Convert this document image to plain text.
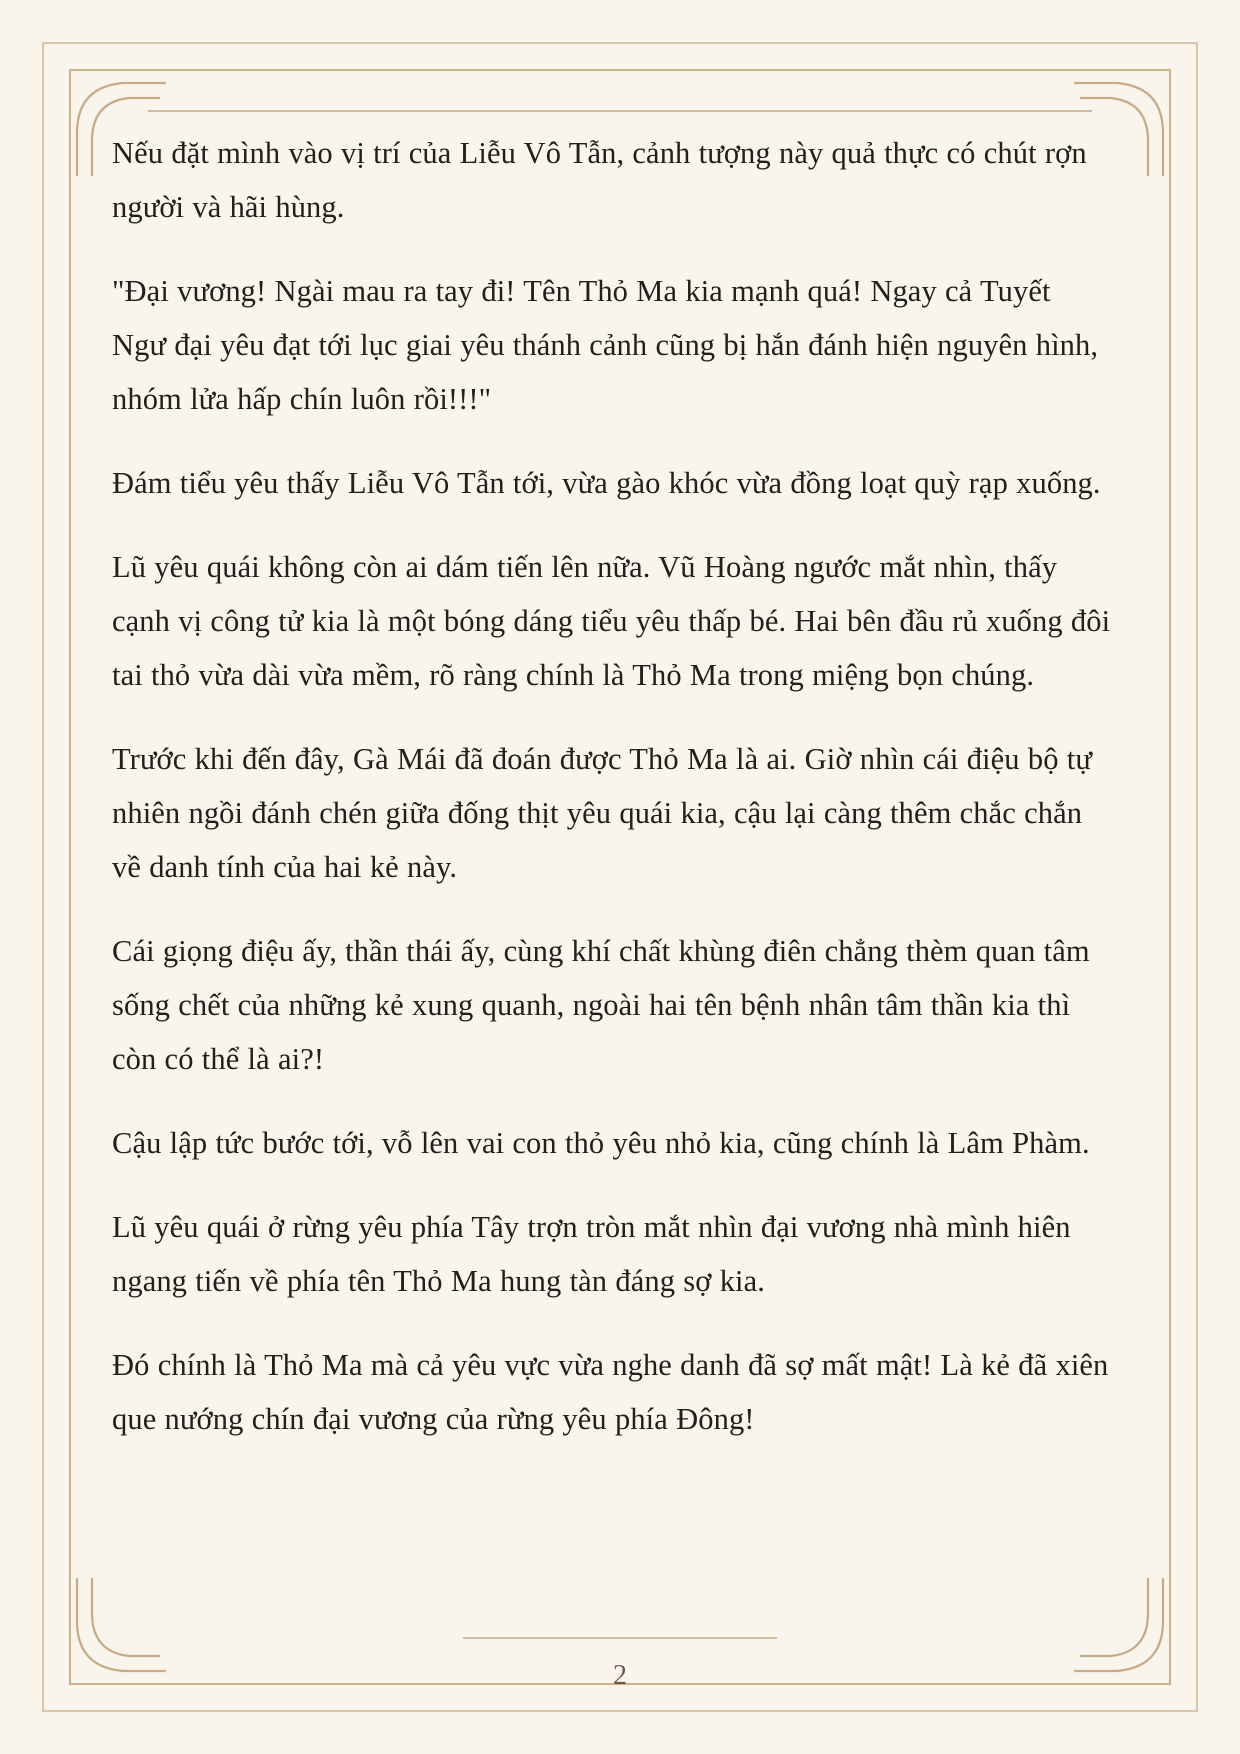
Nếu đặt mình vào vị trí của Liễu Vô Tẫn, cảnh tượng này quả thực có chút rợn người và hãi hùng.

"Đại vương! Ngài mau ra tay đi! Tên Thỏ Ma kia mạnh quá! Ngay cả Tuyết Ngư đại yêu đạt tới lục giai yêu thánh cảnh cũng bị hắn đánh hiện nguyên hình, nhóm lửa hấp chín luôn rồi!!!"

Đám tiểu yêu thấy Liễu Vô Tẫn tới, vừa gào khóc vừa đồng loạt quỳ rạp xuống.

Lũ yêu quái không còn ai dám tiến lên nữa. Vũ Hoàng ngước mắt nhìn, thấy cạnh vị công tử kia là một bóng dáng tiểu yêu thấp bé. Hai bên đầu rủ xuống đôi tai thỏ vừa dài vừa mềm, rõ ràng chính là Thỏ Ma trong miệng bọn chúng.

Trước khi đến đây, Gà Mái đã đoán được Thỏ Ma là ai. Giờ nhìn cái điệu bộ tự nhiên ngồi đánh chén giữa đống thịt yêu quái kia, cậu lại càng thêm chắc chắn về danh tính của hai kẻ này.

Cái giọng điệu ấy, thần thái ấy, cùng khí chất khùng điên chẳng thèm quan tâm sống chết của những kẻ xung quanh, ngoài hai tên bệnh nhân tâm thần kia thì còn có thể là ai?!

Cậu lập tức bước tới, vỗ lên vai con thỏ yêu nhỏ kia, cũng chính là Lâm Phàm.

Lũ yêu quái ở rừng yêu phía Tây trợn tròn mắt nhìn đại vương nhà mình hiên ngang tiến về phía tên Thỏ Ma hung tàn đáng sợ kia.

Đó chính là Thỏ Ma mà cả yêu vực vừa nghe danh đã sợ mất mật! Là kẻ đã xiên que nướng chín đại vương của rừng yêu phía Đông!

2
